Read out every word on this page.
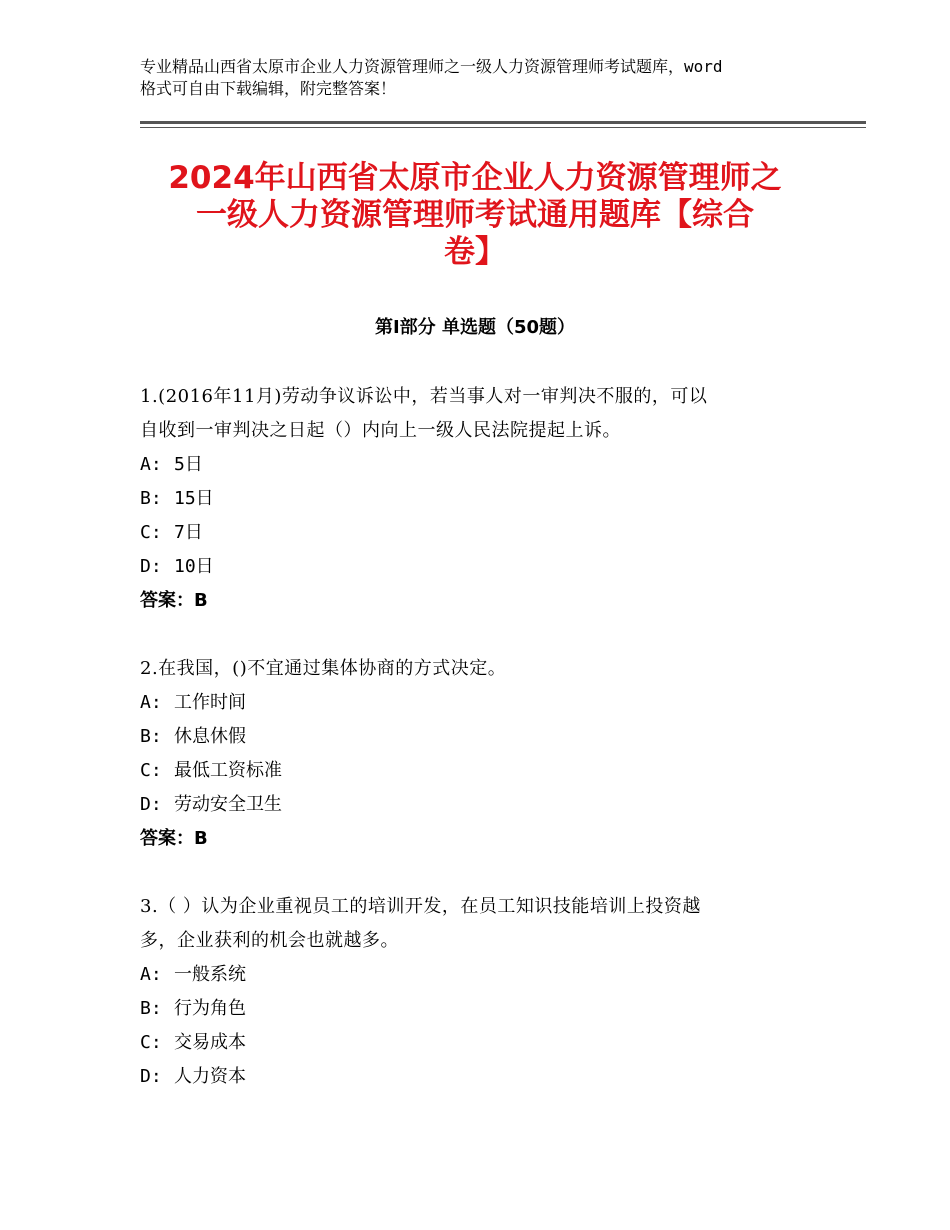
专业精品山西省太原市企业人力资源管理师之一级人力资源管理师考试题库，word
格式可自由下载编辑，附完整答案！
2024年山西省太原市企业人力资源管理师之
一级人力资源管理师考试通用题库【综合
卷】
第I部分 单选题（50题）
1.(2016年11月)劳动争议诉讼中，若当事人对一审判决不服的，可以
自收到一审判决之日起（）内向上一级人民法院提起上诉。
A: 5日
B: 15日
C: 7日
D: 10日
答案：B
2.在我国，()不宜通过集体协商的方式决定。
A: 工作时间
B: 休息休假
C: 最低工资标准
D: 劳动安全卫生
答案：B
3.（ ）认为企业重视员工的培训开发，在员工知识技能培训上投资越
多，企业获利的机会也就越多。
A: 一般系统
B: 行为角色
C: 交易成本
D: 人力资本
